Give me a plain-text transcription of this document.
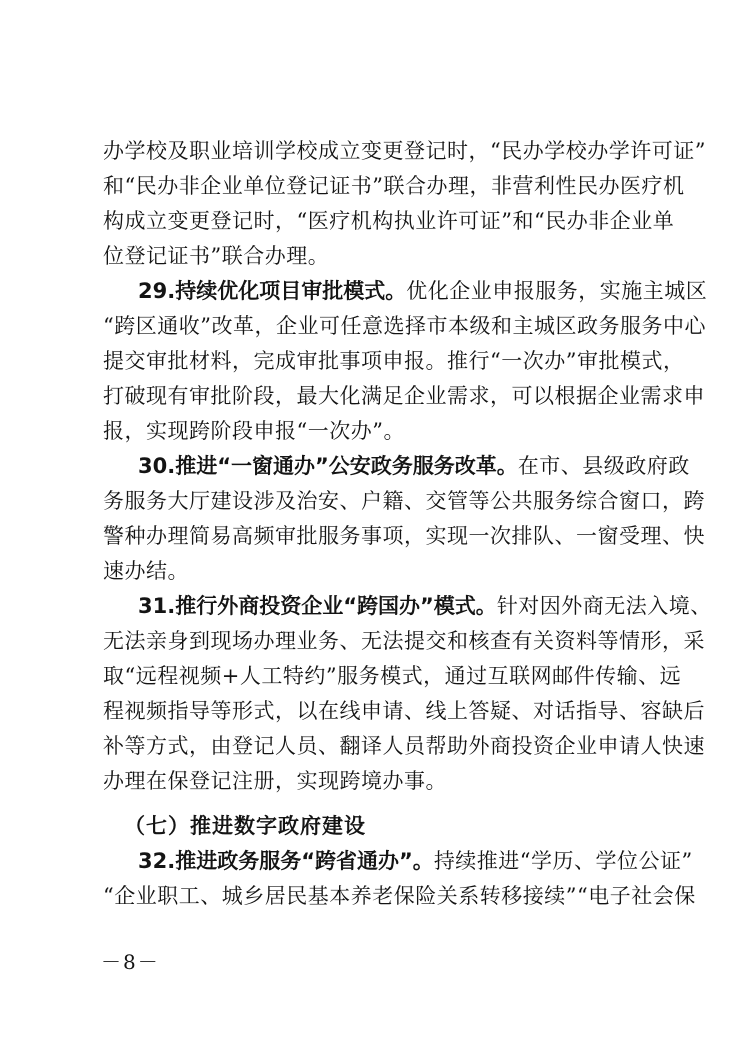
办学校及职业培训学校成立变更登记时，“民办学校办学许可证”
和“民办非企业单位登记证书”联合办理，非营利性民办医疗机
构成立变更登记时，“医疗机构执业许可证”和“民办非企业单
位登记证书”联合办理。
29.持续优化项目审批模式。优化企业申报服务，实施主城区
“跨区通收”改革，企业可任意选择市本级和主城区政务服务中心
提交审批材料，完成审批事项申报。推行“一次办”审批模式，
打破现有审批阶段，最大化满足企业需求，可以根据企业需求申
报，实现跨阶段申报“一次办”。
30.推进“一窗通办”公安政务服务改革。在市、县级政府政
务服务大厅建设涉及治安、户籍、交管等公共服务综合窗口，跨
警种办理简易高频审批服务事项，实现一次排队、一窗受理、快
速办结。
31.推行外商投资企业“跨国办”模式。针对因外商无法入境、
无法亲身到现场办理业务、无法提交和核查有关资料等情形，采
取“远程视频+人工特约”服务模式，通过互联网邮件传输、远
程视频指导等形式，以在线申请、线上答疑、对话指导、容缺后
补等方式，由登记人员、翻译人员帮助外商投资企业申请人快速
办理在保登记注册，实现跨境办事。
（七）推进数字政府建设
32.推进政务服务“跨省通办”。持续推进“学历、学位公证”
“企业职工、城乡居民基本养老保险关系转移接续”“电子社会保
－8－
